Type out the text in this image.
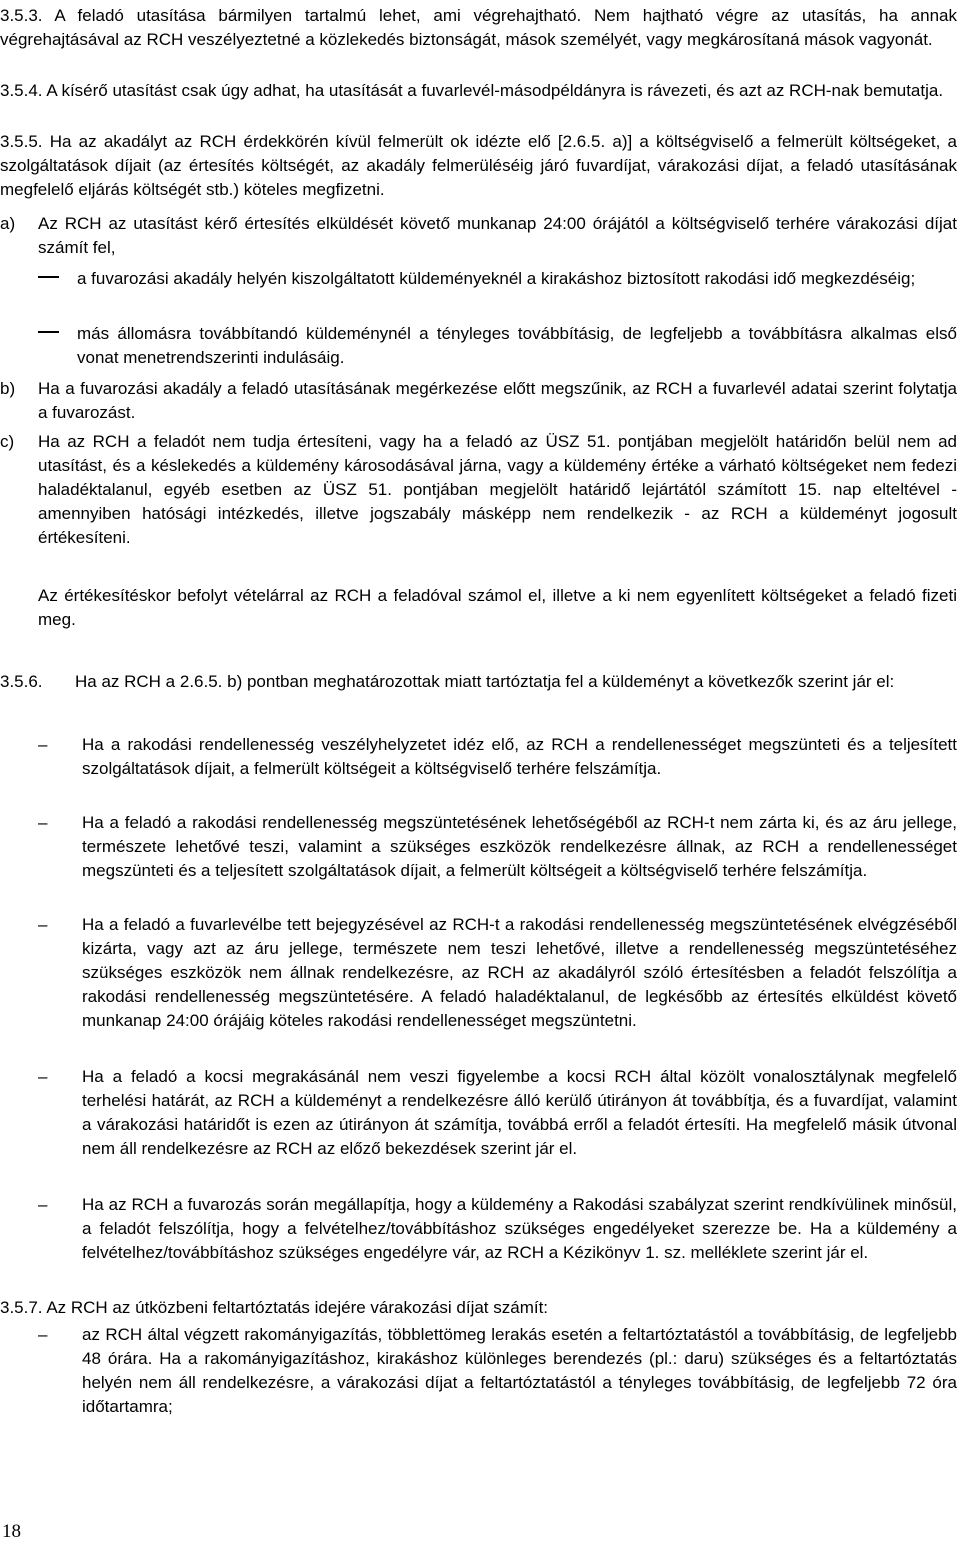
3.5.3. A feladó utasítása bármilyen tartalmú lehet, ami végrehajtható. Nem hajtható végre az utasítás, ha annak végrehajtásával az RCH veszélyeztetné a közlekedés biztonságát, mások személyét, vagy megkárosítaná mások vagyonát.

3.5.4. A kísérő utasítást csak úgy adhat, ha utasítását a fuvarlevél-másodpéldányra is rávezeti, és azt az RCH-nak bemutatja.

3.5.5. Ha az akadályt az RCH érdekkörén kívül felmerült ok idézte elő [2.6.5. a)] a költségviselő a felmerült költségeket, a szolgáltatások díjait (az értesítés költségét, az akadály felmerüléséig járó fuvardíjat, várakozási díjat, a feladó utasításának megfelelő eljárás költségét stb.) köteles megfizetni.

a) Az RCH az utasítást kérő értesítés elküldését követő munkanap 24:00 órájától a költségviselő terhére várakozási díjat számít fel,

a fuvarozási akadály helyén kiszolgáltatott küldeményeknél a kirakáshoz biztosított rakodási idő megkezdéséig;

más állomásra továbbítandó küldeménynél a tényleges továbbításig, de legfeljebb a továbbításra alkalmas első vonat menetrendszerinti indulásáig.

b) Ha a fuvarozási akadály a feladó utasításának megérkezése előtt megszűnik, az RCH a fuvarlevél adatai szerint folytatja a fuvarozást.

c) Ha az RCH a feladót nem tudja értesíteni, vagy ha a feladó az ÜSZ 51. pontjában megjelölt határidőn belül nem ad utasítást, és a késlekedés a küldemény károsodásával járna, vagy a küldemény értéke a várható költségeket nem fedezi haladéktalanul, egyéb esetben az ÜSZ 51. pontjában megjelölt határidő lejártától számított 15. nap elteltével - amennyiben hatósági intézkedés, illetve jogszabály másképp nem rendelkezik - az RCH a küldeményt jogosult értékesíteni.

Az értékesítéskor befolyt vételárral az RCH a feladóval számol el, illetve a ki nem egyenlített költségeket a feladó fizeti meg.

3.5.6.	Ha az RCH a 2.6.5. b) pontban meghatározottak miatt tartóztatja fel a küldeményt a következők szerint jár el:

– Ha a rakodási rendellenesség veszélyhelyzetet idéz elő, az RCH a rendellenességet megszünteti és a teljesített szolgáltatások díjait, a felmerült költségeit a költségviselő terhére felszámítja.

– Ha a feladó a rakodási rendellenesség megszüntetésének lehetőségéből az RCH-t nem zárta ki, és az áru jellege, természete lehetővé teszi, valamint a szükséges eszközök rendelkezésre állnak, az RCH a rendellenességet megszünteti és a teljesített szolgáltatások díjait, a felmerült költségeit a költségviselő terhére felszámítja.

– Ha a feladó a fuvarlevélbe tett bejegyzésével az RCH-t a rakodási rendellenesség megszüntetésének elvégzéséből kizárta, vagy azt az áru jellege, természete nem teszi lehetővé, illetve a rendellenesség megszüntetéséhez szükséges eszközök nem állnak rendelkezésre, az RCH az akadályról szóló értesítésben a feladót felszólítja a rakodási rendellenesség megszüntetésére. A feladó haladéktalanul, de legkésőbb az értesítés elküldést követő munkanap 24:00 órájáig köteles rakodási rendellenességet megszüntetni.

– Ha a feladó a kocsi megrakásánál nem veszi figyelembe a kocsi RCH által közölt vonalosztálynak megfelelő terhelési határát, az RCH a küldeményt a rendelkezésre álló kerülő útirányon át továbbítja, és a fuvardíjat, valamint a várakozási határidőt is ezen az útirányon át számítja, továbbá erről a feladót értesíti. Ha megfelelő másik útvonal nem áll rendelkezésre az RCH az előző bekezdések szerint jár el.

– Ha az RCH a fuvarozás során megállapítja, hogy a küldemény a Rakodási szabályzat szerint rendkívülinek minősül, a feladót felszólítja, hogy a felvételhez/továbbításhoz szükséges engedélyeket szerezze be. Ha a küldemény a felvételhez/továbbításhoz szükséges engedélyre vár, az RCH a Kézikönyv 1. sz. melléklete szerint jár el.

3.5.7. Az RCH az útközbeni feltartóztatás idejére várakozási díjat számít:

– az RCH által végzett rakományigazítás, többlettömeg lerakás esetén a feltartóztatástól a továbbításig, de legfeljebb 48 órára. Ha a rakományigazításhoz, kirakáshoz különleges berendezés (pl.: daru) szükséges és a feltartóztatás helyén nem áll rendelkezésre, a várakozási díjat a feltartóztatástól a tényleges továbbításig, de legfeljebb 72 óra időtartamra;

18
